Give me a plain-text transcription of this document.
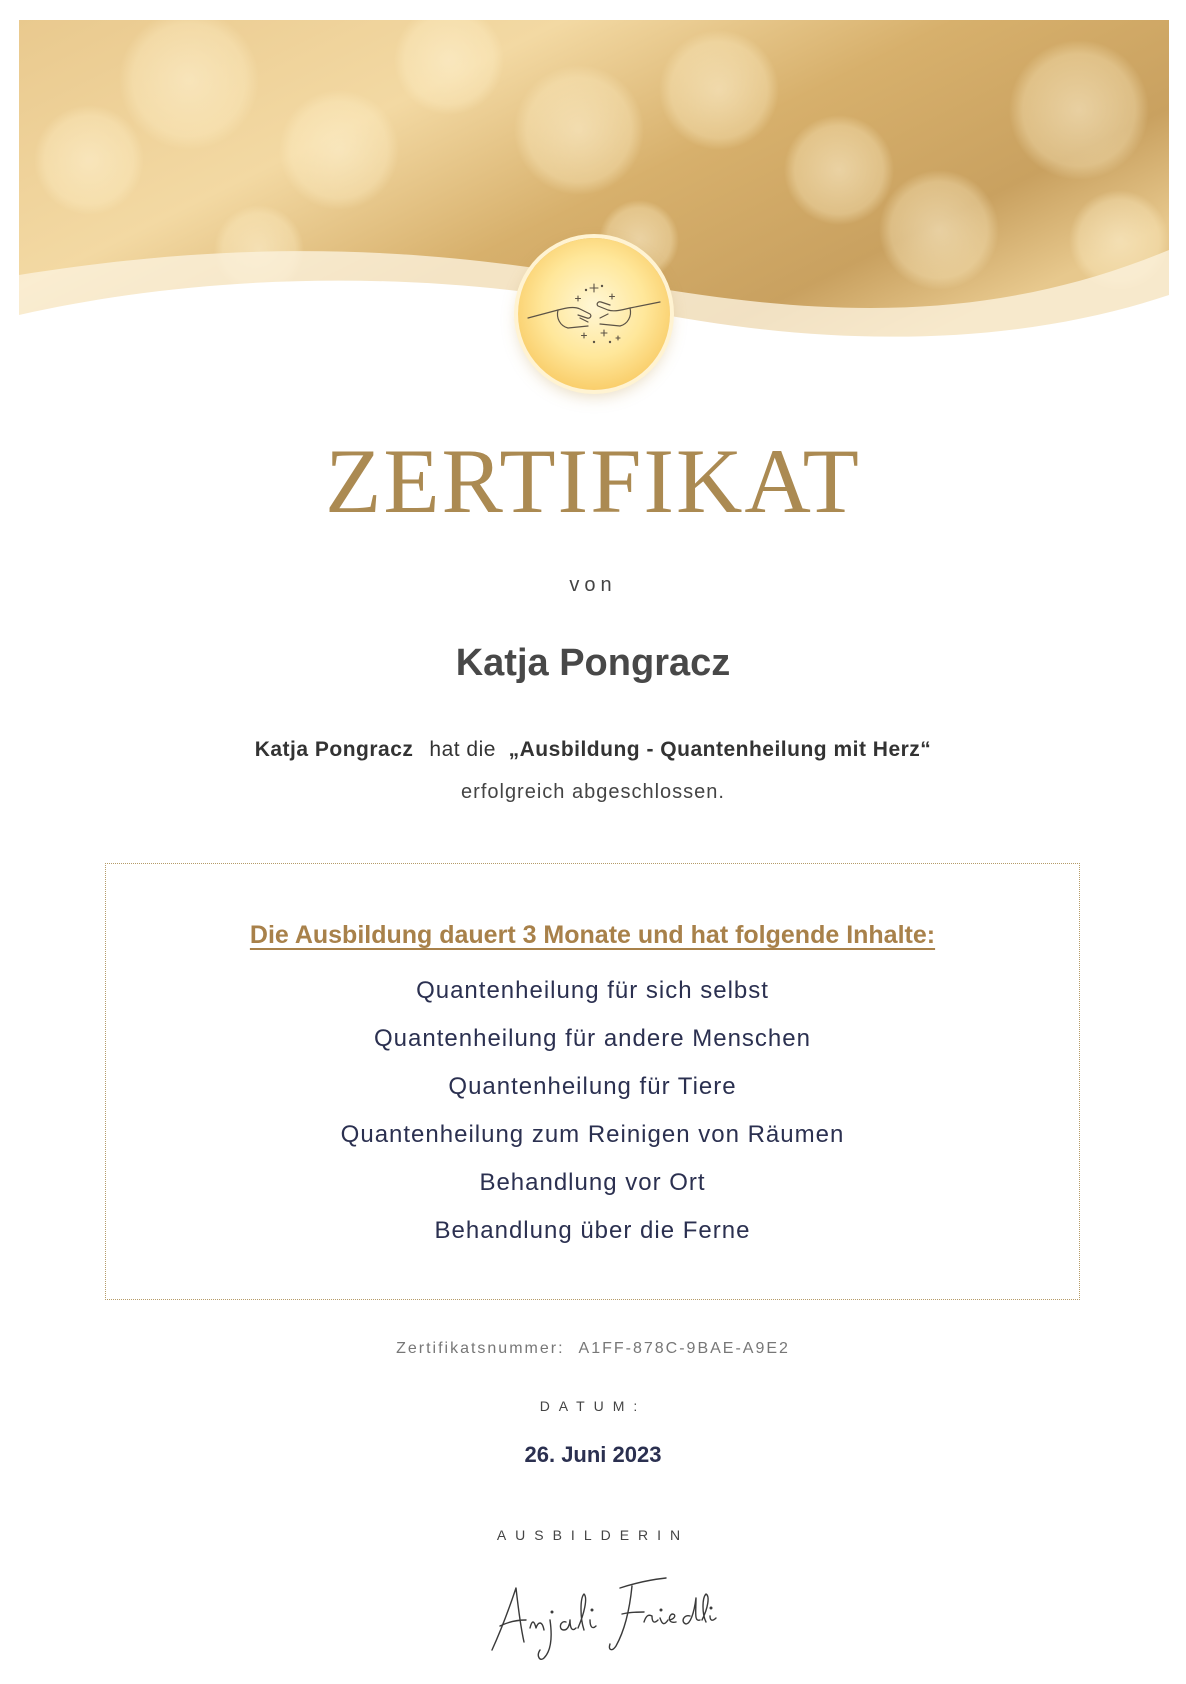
ZERTIFIKAT
von
Katja Pongracz
Katja Pongracz hat die „Ausbildung - Quantenheilung mit Herz“
erfolgreich abgeschlossen.
Die Ausbildung dauert 3 Monate und hat folgende Inhalte:
Quantenheilung für sich selbst
Quantenheilung für andere Menschen
Quantenheilung für Tiere
Quantenheilung zum Reinigen von Räumen
Behandlung vor Ort
Behandlung über die Ferne
Zertifikatsnummer: A1FF-878C-9BAE-A9E2
DATUM:
26. Juni 2023
AUSBILDERIN
